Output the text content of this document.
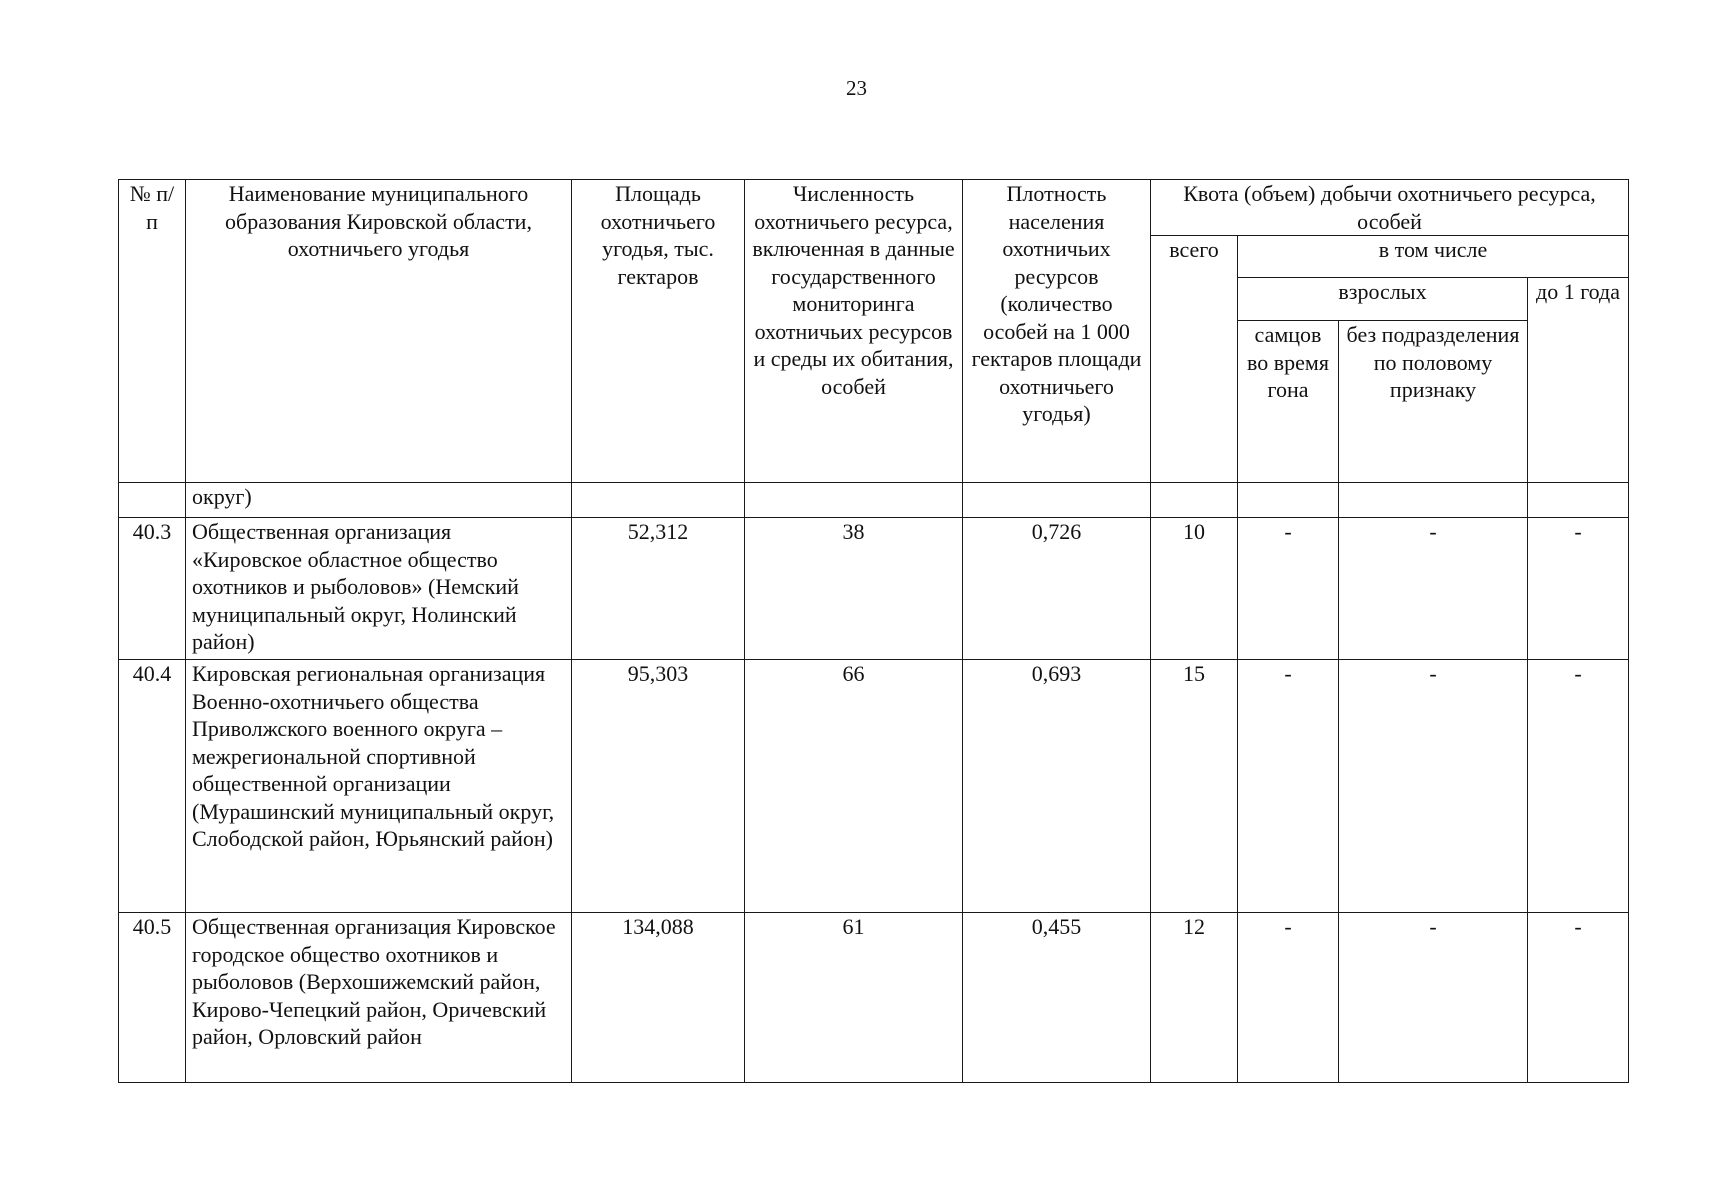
23
№ п/п	Наименование муниципального образования Кировской области, охотничьего угодья	Площадь охотничьего угодья, тыс. гектаров	Численность охотничьего ресурса, включенная в данные государственного мониторинга охотничьих ресурсов и среды их обитания, особей	Плотность населения охотничьих ресурсов (количество особей на 1 000 гектаров площади охотничьего угодья)	Квота (объем) добычи охотничьего ресурса, особей			
					всего	в том числе		
						взрослых		до 1 года
						самцов во время гона	без подразделения по половому признаку	
	округ)							
40.3	Общественная организация «Кировское областное общество охотников и рыболовов» (Немский муниципальный округ, Нолинский район)	52,312	38	0,726	10	-	-	-
40.4	Кировская региональная организация Военно-охотничьего общества Приволжского военного округа – межрегиональной спортивной общественной организации (Мурашинский муниципальный округ, Слободской район, Юрьянский район)	95,303	66	0,693	15	-	-	-
40.5	Общественная организация Кировское городское общество охотников и рыболовов (Верхошижемский район, Кирово-Чепецкий район, Оричевский район, Орловский район	134,088	61	0,455	12	-	-	-
